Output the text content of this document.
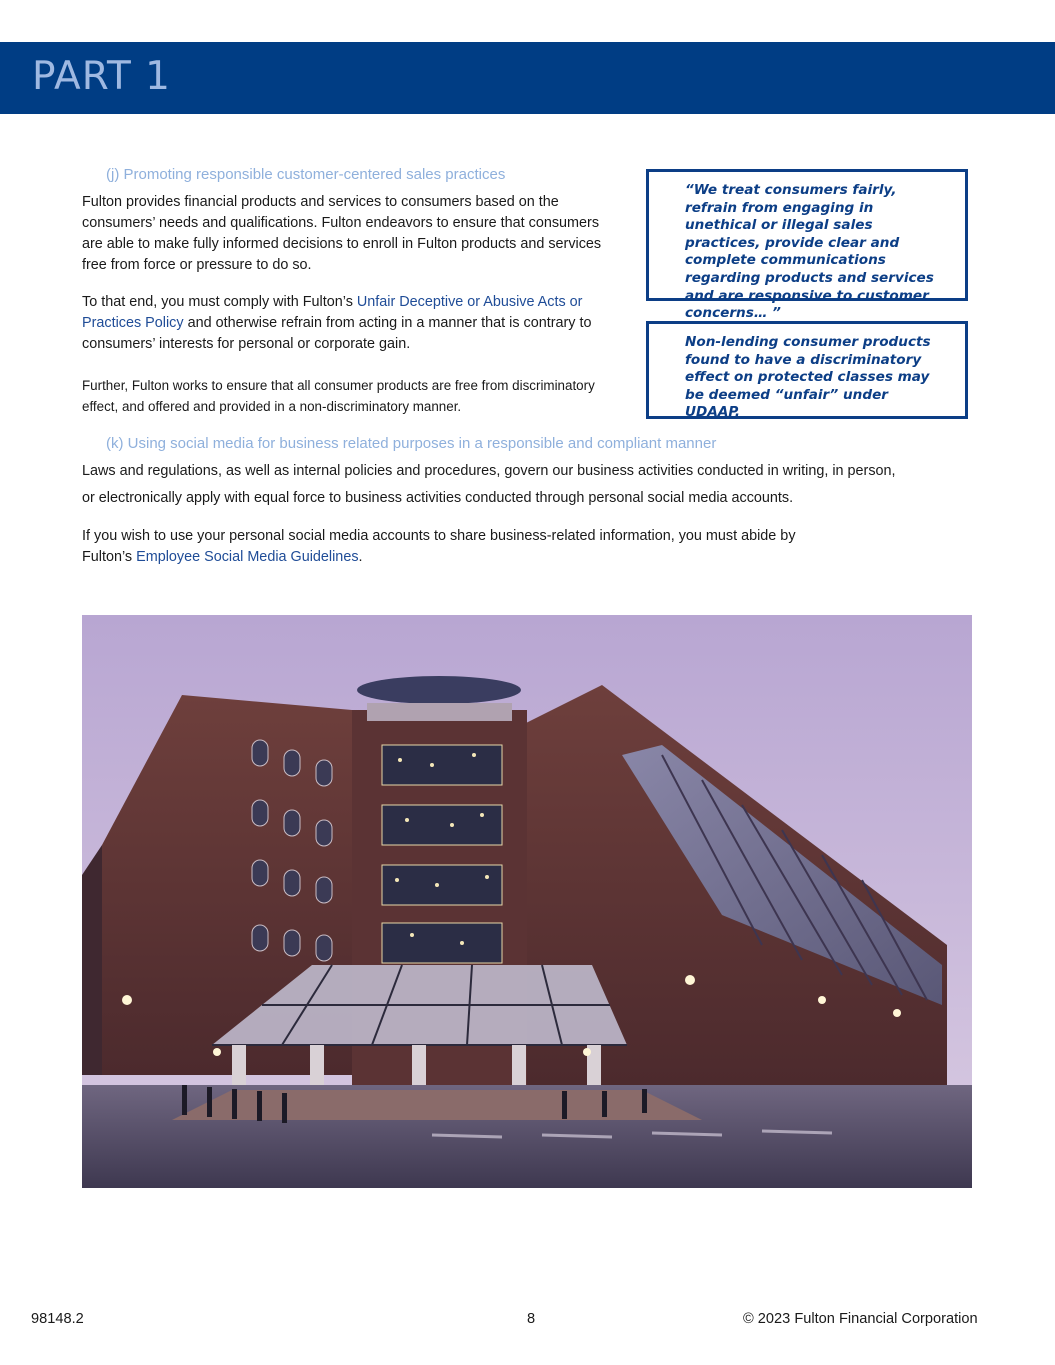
PART 1
(j) Promoting responsible customer-centered sales practices

Fulton provides financial products and services to consumers based on the consumers’ needs and qualifications. Fulton endeavors to ensure that consumers are able to make fully informed decisions to enroll in Fulton products and services free from force or pressure to do so.

To that end, you must comply with Fulton’s Unfair Deceptive or Abusive Acts or Practices Policy and otherwise refrain from acting in a manner that is contrary to consumers’ interests for personal or corporate gain.

Further, Fulton works to ensure that all consumer products are free from discriminatory effect, and offered and provided in a non-discriminatory manner.

“We treat consumers fairly, refrain from engaging in unethical or illegal sales practices, provide clear and complete communications regarding products and services and are responsive to customer concerns… ”
Non-lending consumer products found to have a discriminatory effect on protected classes may be deemed “unfair” under UDAAP.
(k) Using social media for business related purposes in a responsible and compliant manner

Laws and regulations, as well as internal policies and procedures, govern our business activities conducted in writing, in person,

or electronically apply with equal force to business activities conducted through personal social media accounts.

If you wish to use your personal social media accounts to share business-related information, you must abide by Fulton’s Employee Social Media Guidelines.

98148.2	8	© 2023 Fulton Financial Corporation
